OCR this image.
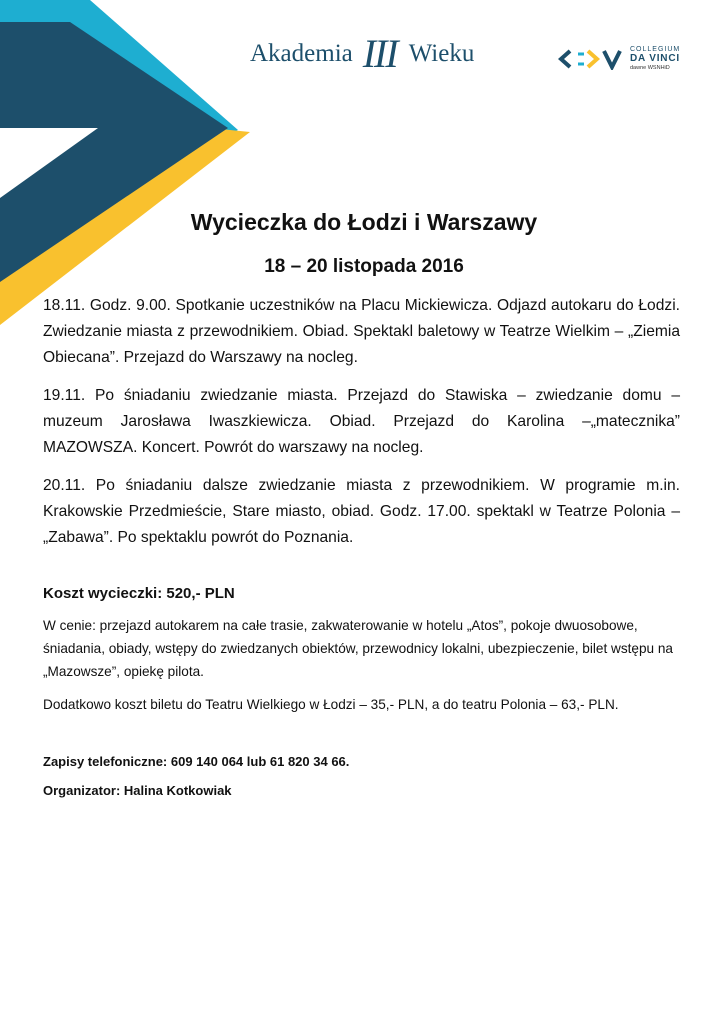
Akademia III Wieku	COLLEGIUM
DA VINCI
dawne WSNHiD
Wycieczka do Łodzi i Warszawy
18 – 20 listopada 2016

18.11. Godz. 9.00. Spotkanie uczestników na Placu Mickiewicza. Odjazd autokaru do Łodzi. Zwiedzanie miasta z przewodnikiem. Obiad. Spektakl baletowy w Teatrze Wielkim – „Ziemia Obiecana”. Przejazd do Warszawy na nocleg.

19.11. Po śniadaniu zwiedzanie miasta. Przejazd do Stawiska – zwiedzanie domu – muzeum Jarosława Iwaszkiewicza. Obiad. Przejazd do Karolina –„matecznika” MAZOWSZA. Koncert. Powrót do warszawy na nocleg.

20.11. Po śniadaniu dalsze zwiedzanie miasta z przewodnikiem. W programie m.in. Krakowskie Przedmieście, Stare miasto, obiad. Godz. 17.00. spektakl w Teatrze Polonia – „Zabawa”. Po spektaklu powrót do Poznania.

Koszt wycieczki: 520,- PLN

W cenie: przejazd autokarem na całe trasie, zakwaterowanie w hotelu „Atos”, pokoje dwuosobowe, śniadania, obiady, wstępy do zwiedzanych obiektów, przewodnicy lokalni, ubezpieczenie, bilet wstępu na „Mazowsze”, opiekę pilota.

Dodatkowo koszt biletu do Teatru Wielkiego w Łodzi – 35,- PLN, a do teatru Polonia – 63,- PLN.

Zapisy telefoniczne: 609 140 064 lub 61 820 34 66.

Organizator: Halina Kotkowiak
